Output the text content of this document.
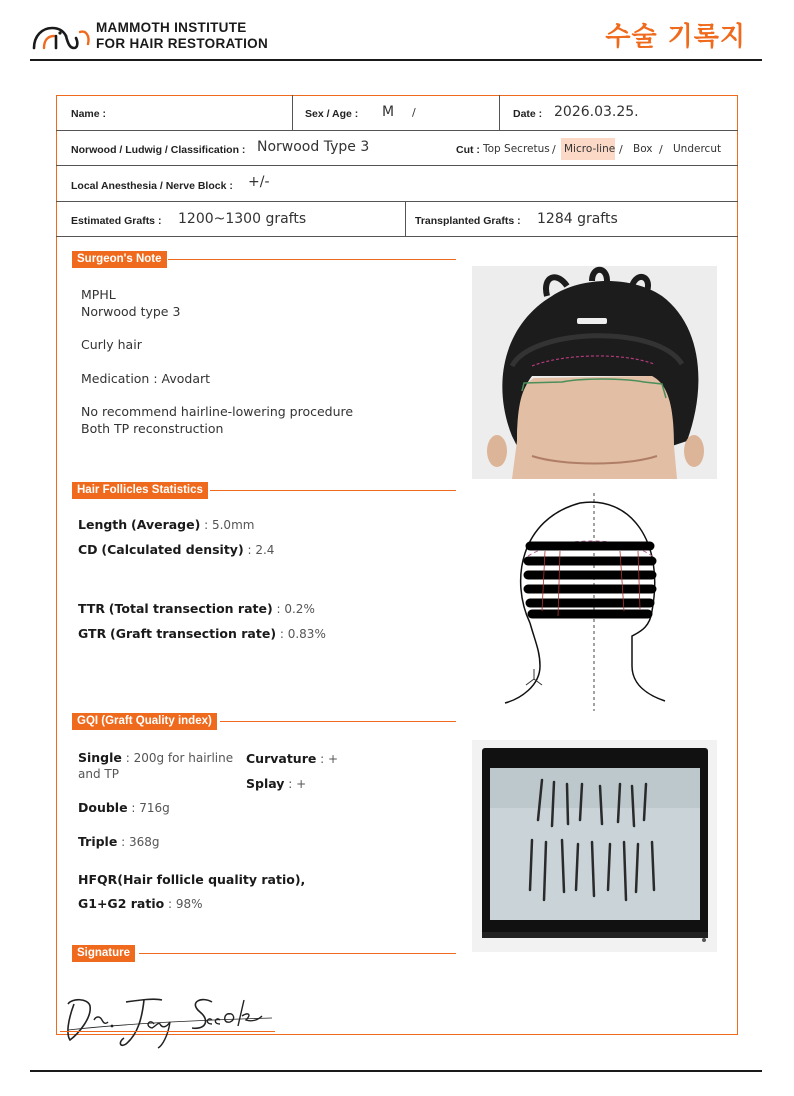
MAMMOTH INSTITUTE
FOR HAIR RESTORATION	수술 기록지
Name :	Sex / Age : M /	Date : 2026.03.25.
Norwood / Ludwig / Classification : Norwood Type 3	Cut : Top Secretus / Micro-line / Box / Undercut
Local Anesthesia / Nerve Block : +/-
Estimated Grafts : 1200~1300 grafts	Transplanted Grafts : 1284 grafts
Surgeon's Note
MPHL
Norwood type 3
Curly hair
Medication : Avodart
No recommend hairline-lowering procedure
Both TP reconstruction
Hair Follicles Statistics
Length (Average) : 5.0mm
CD (Calculated density) : 2.4
TTR (Total transection rate) : 0.2%
GTR (Graft transection rate) : 0.83%
GQI (Graft Quality index)
Single : 200g for hairline
and TP
Double : 716g
Triple : 368g
Curvature : +
Splay : +
HFQR(Hair follicle quality ratio),
G1+G2 ratio : 98%
Signature
